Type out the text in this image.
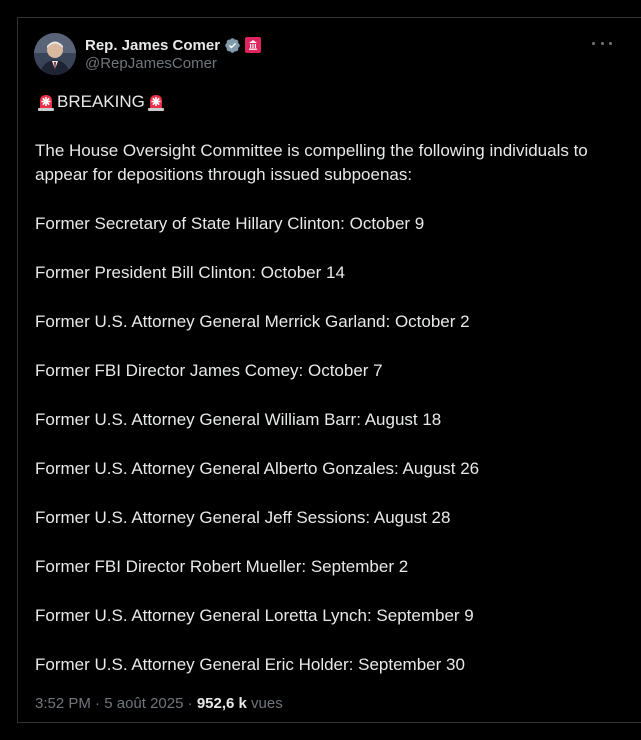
Rep. James Comer
@RepJamesComer
BREAKING
The House Oversight Committee is compelling the following individuals to appear for depositions through issued subpoenas:
Former Secretary of State Hillary Clinton: October 9
Former President Bill Clinton: October 14
Former U.S. Attorney General Merrick Garland: October 2
Former FBI Director James Comey: October 7
Former U.S. Attorney General William Barr: August 18
Former U.S. Attorney General Alberto Gonzales: August 26
Former U.S. Attorney General Jeff Sessions: August 28
Former FBI Director Robert Mueller: September 2
Former U.S. Attorney General Loretta Lynch: September 9
Former U.S. Attorney General Eric Holder: September 30
3:52 PM · 5 août 2025 · 952,6 k vues
